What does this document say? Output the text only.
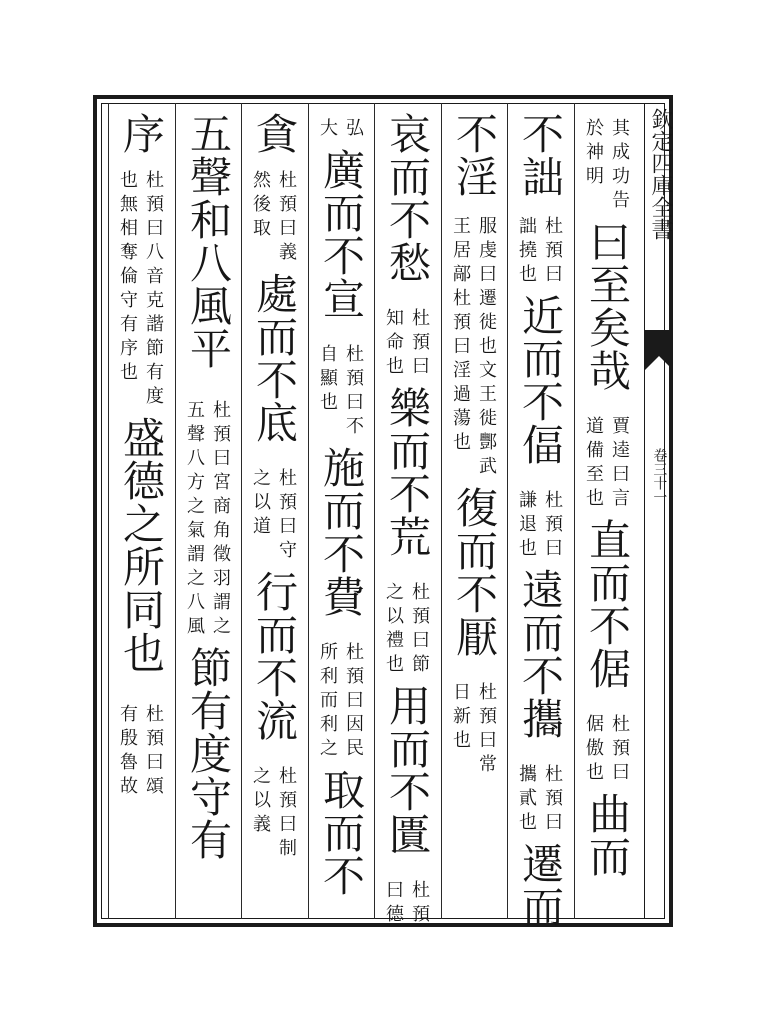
欽定四庫全書
卷三十一
其成功告
於神明
曰至矣哉
賈逵曰言
道備至也
直而不倨
杜預曰
倨傲也
曲而
不詘
杜預曰
詘撓也
近而不偪
杜預曰
謙退也
遠而不攜
杜預曰
攜貳也
遷而
不淫
服虔曰遷徙也文王徙酆武
王居鄗杜預曰淫過蕩也
復而不厭
杜預曰常
日新也
哀而不愁
杜預曰
知命也
樂而不荒
杜預曰節
之以禮也
用而不匱
杜預
曰德
弘
大
廣而不宣
杜預曰不
自顯也
施而不費
杜預曰因民
所利而利之
取而不
貪
杜預曰義
然後取
處而不底
杜預曰守
之以道
行而不流
杜預曰制
之以義
五聲和八風平
杜預曰宮商角徵羽謂之
五聲八方之氣謂之八風
節有度守有
序
杜預曰八音克諧節有度
也無相奪倫守有序也
盛德之所同也
杜預曰頌
有殷魯故
